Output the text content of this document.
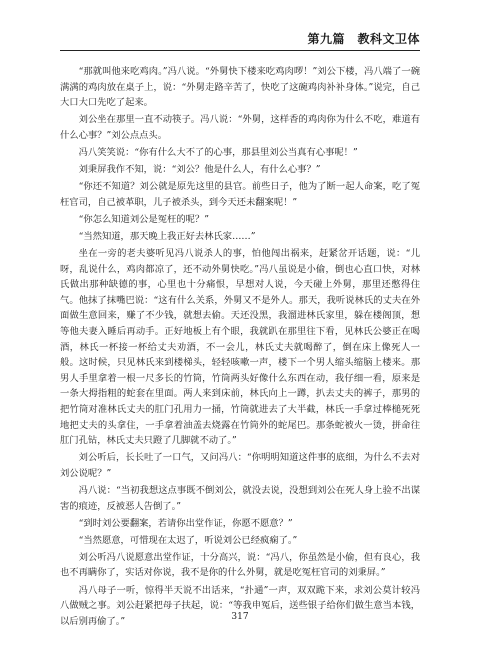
第九篇　教科文卫体

“那就叫他来吃鸡肉。”冯八说。“外舅快下楼来吃鸡肉啰！”刘公下楼，冯八端了一碗满满的鸡肉放在桌子上，说：“外舅走路辛苦了，快吃了这碗鸡肉补补身体。”说完，自己大口大口先吃了起来。

刘公坐在那里一直不动筷子。冯八说：“外舅，这样香的鸡肉你为什么不吃，难道有什么心事？”刘公点点头。

冯八笑笑说：“你有什么大不了的心事，那县里刘公当真有心事呢！”

刘秉屏我作不知，说：“刘公？他是什么人，有什么心事？”

“你还不知道？刘公就是原先这里的县官。前些日子，他为了断一起人命案，吃了冤枉官司，自己被革职，儿子被杀头，到今天还未翻案呢！”

“你怎么知道刘公是冤枉的呢？”

“当然知道，那天晚上我正好去林氏家……”

坐在一旁的老夫婆听见冯八说杀人的事，怕他闯出祸来，赶紧岔开话题，说：“儿呀，乱说什么，鸡肉都凉了，还不动外舅快吃。”冯八虽说是小偷，倒也心直口快，对林氏做出那种缺德的事，心里也十分痛恨，早想对人说，今天碰上外舅，那里还憋得住气。他抹了抹嘴巴说：“这有什么关系，外舅又不是外人。那天，我听说林氏的丈夫在外面做生意回来，赚了不少钱，就想去偷。天还没黑，我溜进林氏家里，躲在楼阁顶，想等他夫妻入睡后再动手。正好地板上有个眼，我就趴在那里往下看，见林氏公婆正在喝酒，林氏一杯接一杯给丈夫劝酒，不一会儿，林氏丈夫就喝醉了，倒在床上像死人一般。这时候，只见林氏来到楼梯头，轻轻咳嗽一声，楼下一个男人缩头缩脑上楼来。那男人手里拿着一根一尺多长的竹筒，竹筒两头好像什么东西在动，我仔细一看，原来是一条大拇指粗的蛇套在里面。两人来到床前，林氏向上一蹲，扒去丈夫的裤子，那男的把竹筒对准林氏丈夫的肛门孔用力一捅，竹筒就进去了大半截，林氏一手拿过棒槌死死地把丈夫的头拿住，一手拿着油盖去烧露在竹筒外的蛇尾巴。那条蛇被火一烫，拼命往肛门孔钻，林氏丈夫只蹬了几脚就不动了。”

刘公听后，长长吐了一口气，又问冯八：“你明明知道这件事的底细，为什么不去对刘公说呢？”

冯八说：“当初我想这点事既不倒刘公，就没去说，没想到刘公在死人身上验不出谋害的痕迹，反被恶人告倒了。”

“到时刘公要翻案，若请你出堂作证，你愿不愿意？”

“当然愿意，可惜现在太迟了，听说刘公已经疯痫了。”

刘公听冯八说愿意出堂作证，十分高兴，说：“冯八，你虽然是小偷，但有良心，我也不再瞒你了，实话对你说，我不是你的什么外舅，就是吃冤枉官司的刘秉屏。”

冯八母子一听，惊得半天说不出话来，“扑通”一声，双双跪下来，求刘公莫计较冯八做贼之事。刘公赶紧把母子扶起，说：“等我申冤后，送些银子给你们做生意当本钱，以后别再偷了。”	317
